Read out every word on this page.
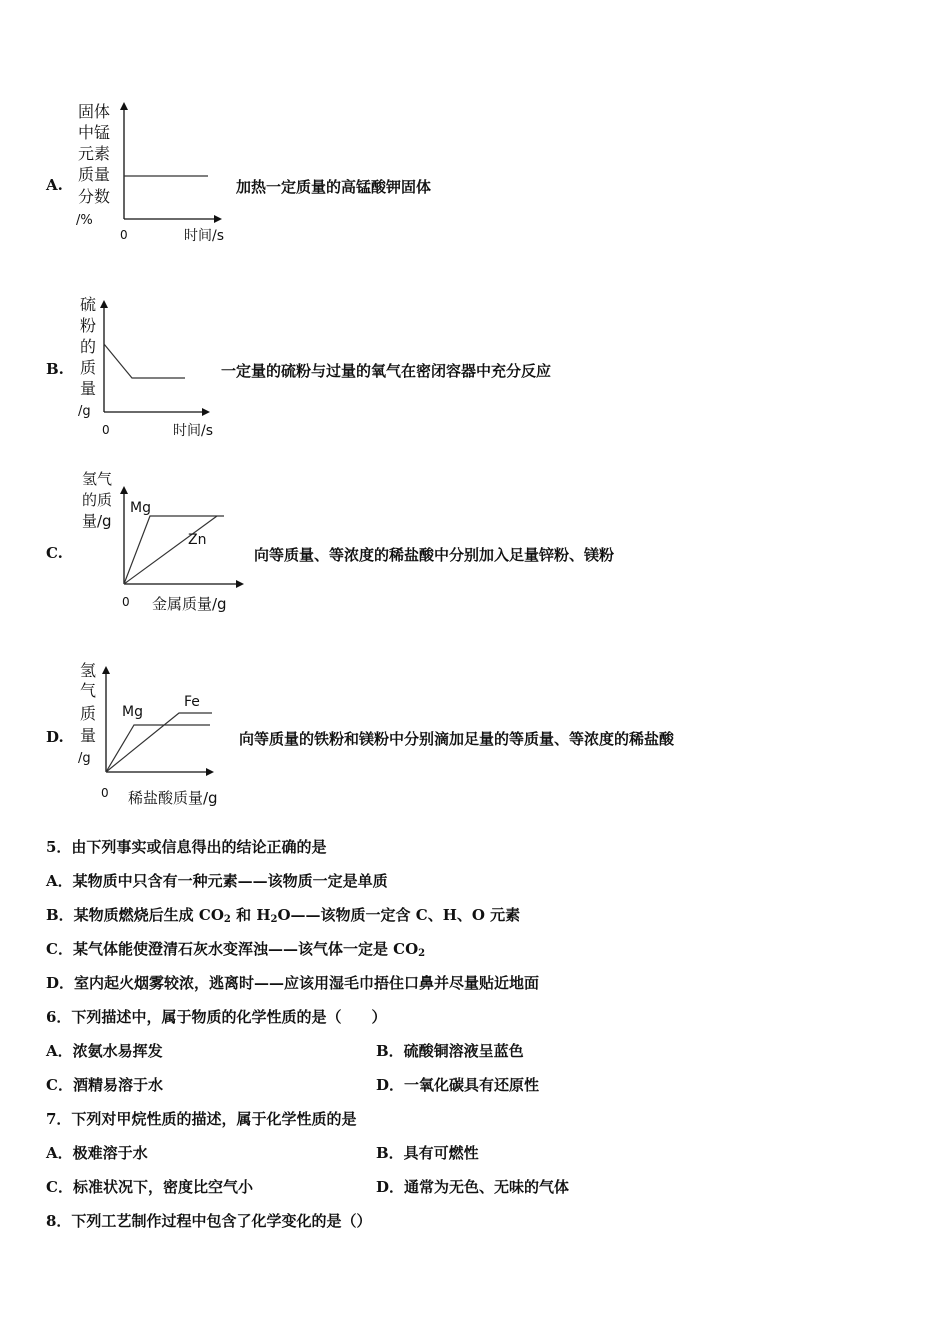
A.
固体
中锰
元素
质量
分数
/%
0	时间/s
加热一定质量的高锰酸钾固体
B.
硫
粉
的
质
量
/g
0	时间/s
一定量的硫粉与过量的氧气在密闭容器中充分反应
C.
氢气
的质
量/g
Mg
Zn
0 金属质量/g
向等质量、等浓度的稀盐酸中分别加入足量锌粉、镁粉
D.
氢
气
质
量
/g
Mg
Fe
0 稀盐酸质量/g
向等质量的铁粉和镁粉中分别滴加足量的等质量、等浓度的稀盐酸
5．由下列事实或信息得出的结论正确的是
A．某物质中只含有一种元素——该物质一定是单质
B．某物质燃烧后生成 $CO_2$ 和 $H_2O——$该物质一定含 C、H、O 元素
C．某气体能使澄清石灰水变浑浊——该气体一定是 $CO_2$
D．室内起火烟雾较浓，逃离时——应该用湿毛巾捂住口鼻并尽量贴近地面
6．下列描述中，属于物质的化学性质的是（　　）
A．浓氨水易挥发	B．硫酸铜溶液呈蓝色
C．酒精易溶于水	D．一氧化碳具有还原性
7．下列对甲烷性质的描述，属于化学性质的是
A．极难溶于水	B．具有可燃性
C．标准状况下，密度比空气小	D．通常为无色、无味的气体
8．下列工艺制作过程中包含了化学变化的是（）
